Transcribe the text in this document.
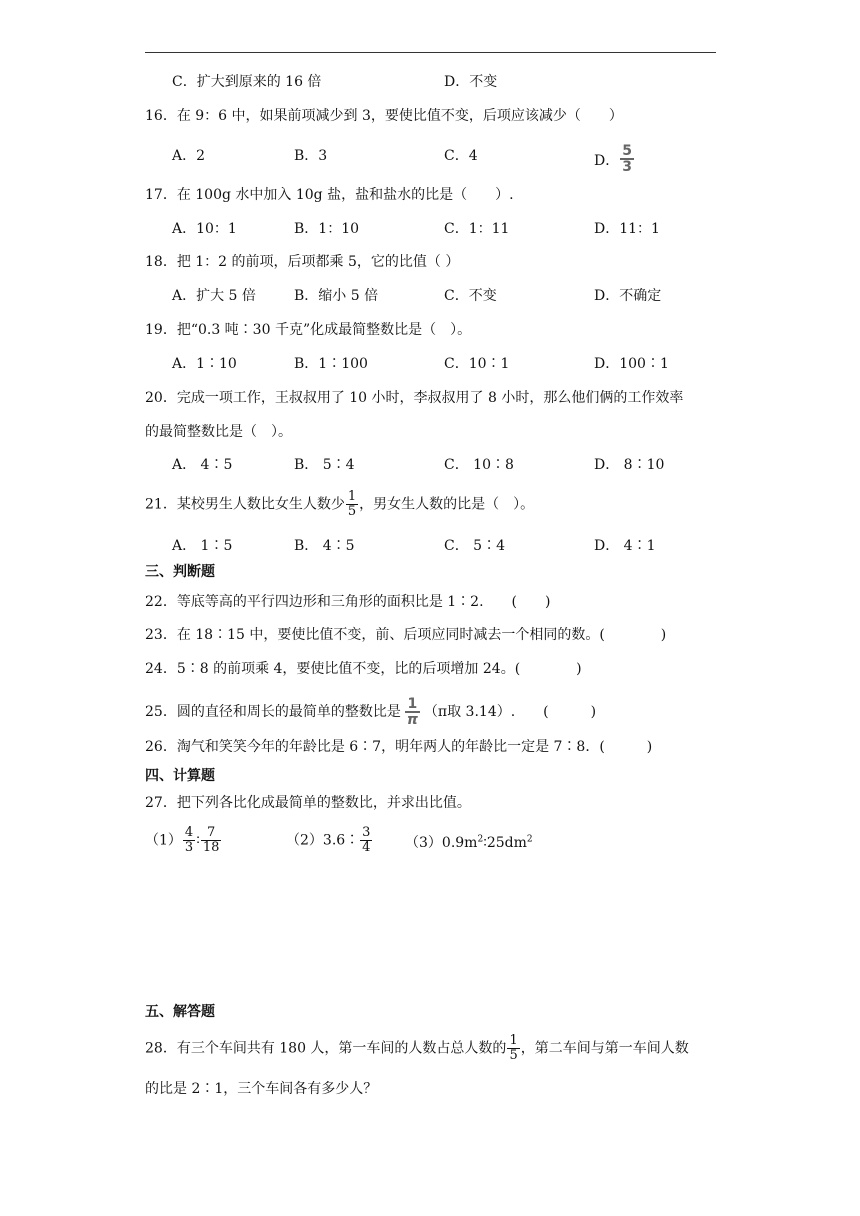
C．扩大到原来的 16 倍	D．不变
16．在 9：6 中，如果前项减少到 3，要使比值不变，后项应该减少（　　）
A．2	B．3	C．4	D． $\frac{5}{3}$
17．在 100g 水中加入 10g 盐，盐和盐水的比是（　　）.
A．10：1	B．1：10	C．1：11	D．11：1
18．把 1：2 的前项，后项都乘 5，它的比值（ ）
A．扩大 5 倍	B．缩小 5 倍	C．不变	D．不确定
19．把“0.3 吨∶30 千克”化成最简整数比是（　）。
A．1∶10	B．1∶100	C．10∶1	D．100∶1
20．完成一项工作，王叔叔用了 10 小时，李叔叔用了 8 小时，那么他们俩的工作效率
的最简整数比是（　）。
A． 4∶5	B． 5∶4	C． 10∶8	D． 8∶10
21．某校男生人数比女生人数少 $\frac{1}{5}$ ，男女生人数的比是（　）。
A． 1∶5	B． 4∶5	C． 5∶4	D． 4∶1
三、判断题
22．等底等高的平行四边形和三角形的面积比是 1∶2.　　(　　)
23．在 18∶15 中，要使比值不变，前、后项应同时减去一个相同的数。(　　　　)
24．5∶8 的前项乘 4，要使比值不变，比的后项增加 24。(　　　　)
25．圆的直径和周长的最简单的整数比是 $\frac{1}{\pi} (\pi$取 3.14）.　　(　　　)
26．淘气和笑笑今年的年龄比是 6∶7，明年两人的年龄比一定是 7∶8．(　　　)
四、计算题
27．把下列各比化成最简单的整数比，并求出比值。
$(1) \frac{4}{3}$ ∶ $\frac{7}{18}$	（2）3.6∶ $\frac{3}{4}$ $(3)0.9m^2∶25dm^2$
五、解答题
28．有三个车间共有 180 人，第一车间的人数占总人数的 $\frac{1}{5}$ ，第二车间与第一车间人数
的比是 2∶1，三个车间各有多少人？
